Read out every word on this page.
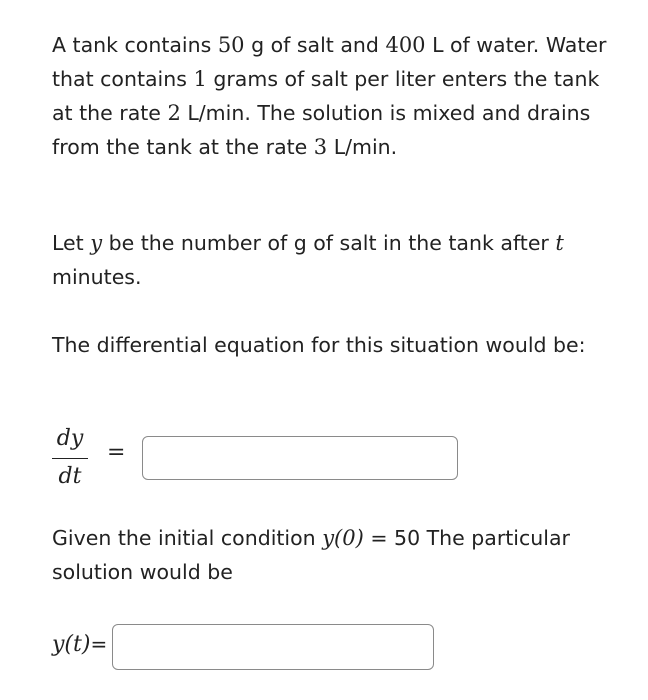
A tank contains 50 g of salt and 400 L of water. Water that contains 1 grams of salt per liter enters the tank at the rate 2 L/min. The solution is mixed and drains from the tank at the rate 3 L/min.

Let y be the number of g of salt in the tank after t minutes.

The differential equation for this situation would be:

dy
dt
=

Given the initial condition y(0) = 50 The particular solution would be

y(t)=
